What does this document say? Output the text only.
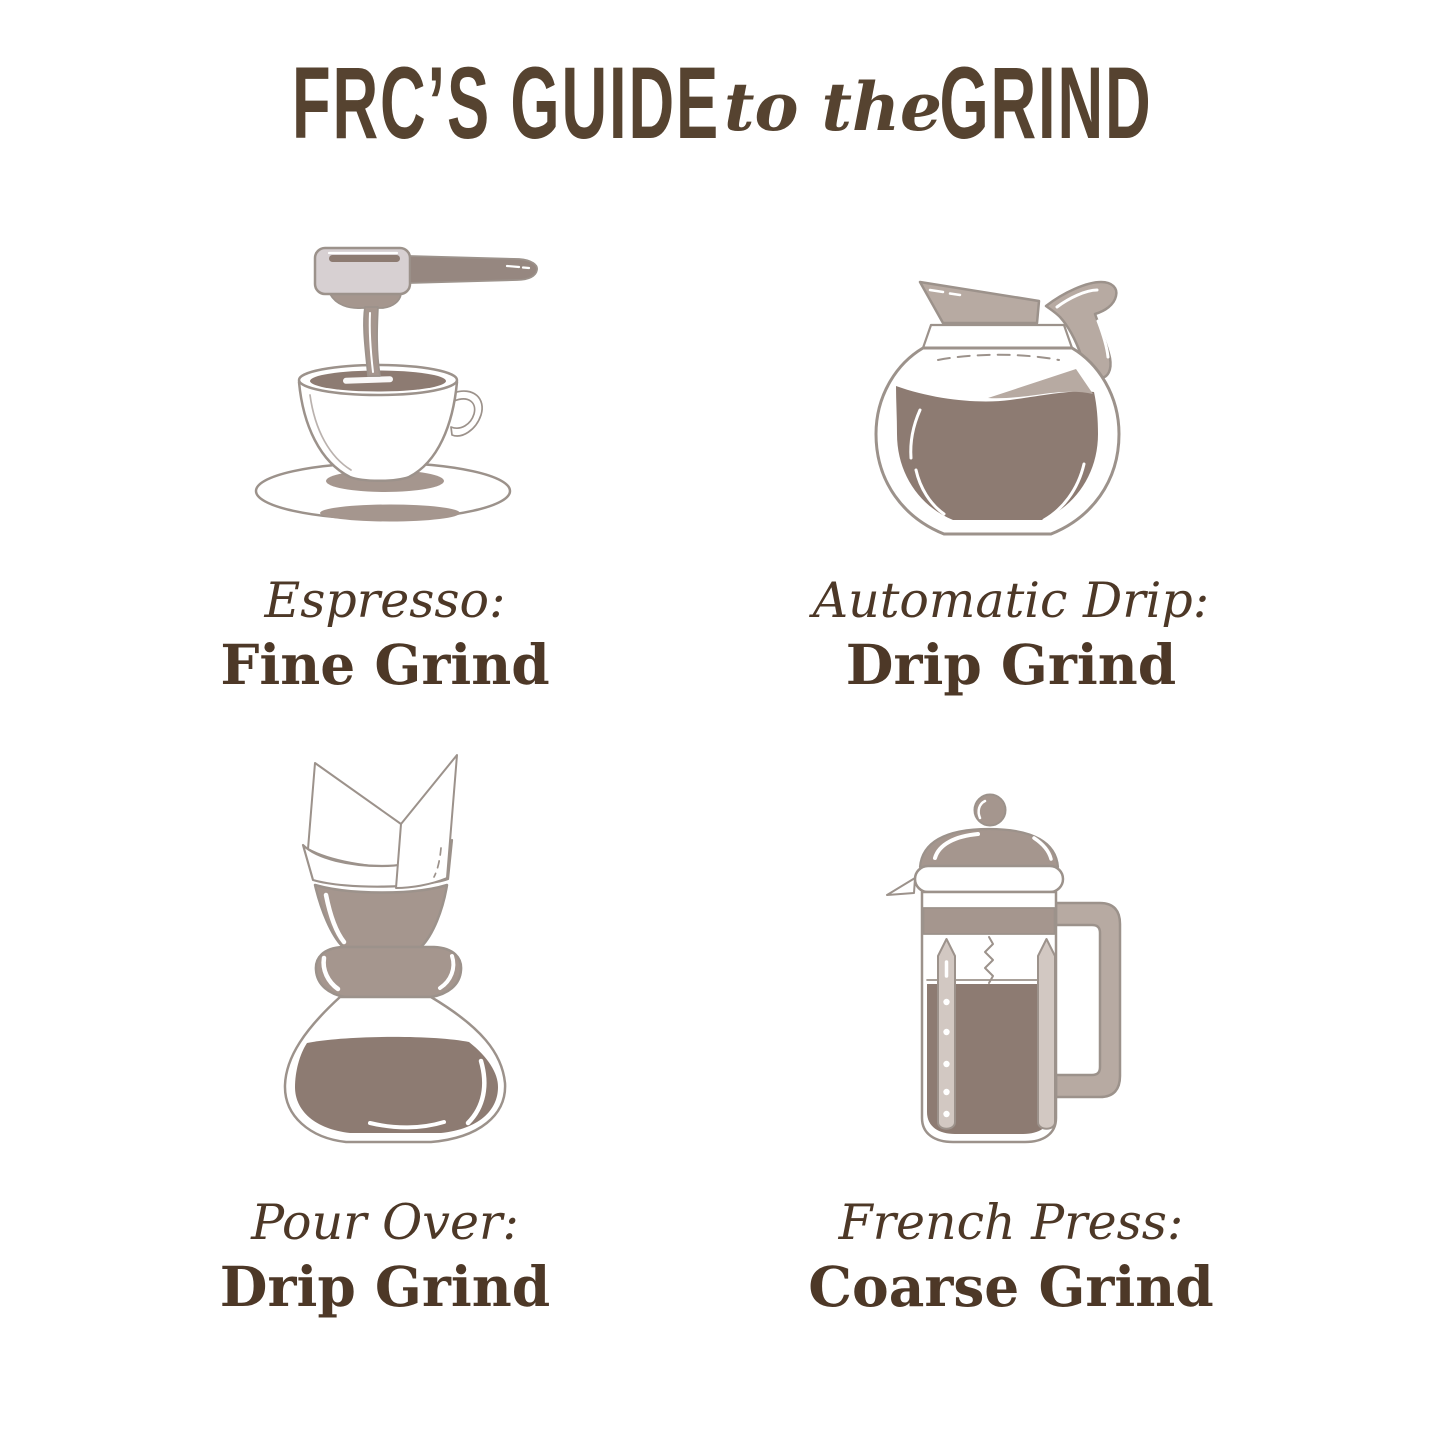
FRC’S GUIDE to the
GRIND
Espresso:
Fine Grind
Automatic Drip:
Drip Grind
Pour Over:
Drip Grind
French Press:
Coarse Grind
